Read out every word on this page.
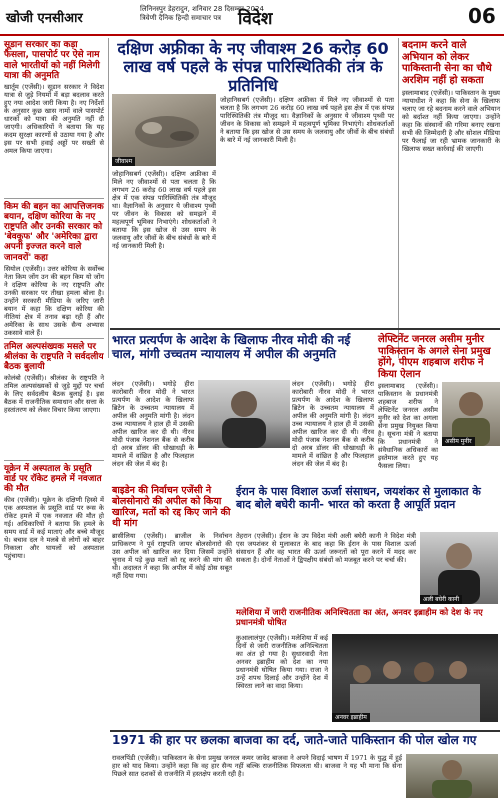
खोजी एनसीआर
लिनिनस्पुर डेहरादुन, शनिवार 28 दिसम्बर 2024
त्रिवेणी दैनिक हिन्दी समाचार पत्र विदेश	06
सूडान सरकार का कड़ा फैसला, पासपोर्ट पर ऐसे नाम वाले भारतीयों को नहीं मिलेगी यात्रा की अनुमति
खार्तूम (एजेंसी)। सूडान सरकार ने विदेश यात्रा से जुड़े नियमों में बड़ा बदलाव करते हुए नया आदेश जारी किया है। नए निर्देशों के अनुसार कुछ खास नामों वाले पासपोर्ट धारकों को यात्रा की अनुमति नहीं दी जाएगी। अधिकारियों ने बताया कि यह कदम सुरक्षा कारणों से उठाया गया है और इस पर सभी हवाई अड्डों पर सख्ती से अमल किया जाएगा।
किम की बहन का आपत्तिजनक बयान, दक्षिण कोरिया के नए राष्ट्रपति और उनकी सरकार को 'बेवकूफ' और 'अमेरिका द्वारा अपनी इज्जत करने वाले जानवरों' कहा
सियोल (एजेंसी)। उत्तर कोरिया के सर्वोच्च नेता किम जोंग उन की बहन किम यो जोंग ने दक्षिण कोरिया के नए राष्ट्रपति और उनकी सरकार पर तीखा हमला बोला है। उन्होंने सरकारी मीडिया के जरिए जारी बयान में कहा कि दक्षिण कोरिया की नीतियां क्षेत्र में तनाव बढ़ा रही हैं और अमेरिका के साथ उसके सैन्य अभ्यास उकसावे वाले हैं।
तमिल अल्पसंख्यक मसले पर श्रीलंका के राष्ट्रपति ने सर्वदलीय बैठक बुलायी
कोलंबो (एजेंसी)। श्रीलंका के राष्ट्रपति ने तमिल अल्पसंख्यकों से जुड़े मुद्दों पर चर्चा के लिए सर्वदलीय बैठक बुलाई है। इस बैठक में राजनीतिक समाधान और सत्ता के हस्तांतरण को लेकर विचार किया जाएगा।
यूक्रेन में अस्पताल के प्रसूति वार्ड पर रॉकेट हमले में नवजात की मौत
कीव (एजेंसी)। यूक्रेन के दक्षिणी हिस्से में एक अस्पताल के प्रसूति वार्ड पर रूस के रॉकेट हमले में एक नवजात की मौत हो गई। अधिकारियों ने बताया कि हमले के समय वार्ड में कई माताएं और बच्चे मौजूद थे। बचाव दल ने मलबे से लोगों को बाहर निकाला और घायलों को अस्पताल पहुंचाया।
दक्षिण अफ्रीका के नए जीवाश्म 26 करोड़ 60 लाख वर्ष पहले के संपन्न पारिस्थितिकी तंत्र के प्रतिनिधि
जीवाश्म
जोहानिसबर्ग (एजेंसी)। दक्षिण अफ्रीका में मिले नए जीवाश्मों से पता चलता है कि लगभग 26 करोड़ 60 लाख वर्ष पहले इस क्षेत्र में एक संपन्न पारिस्थितिकी तंत्र मौजूद था। वैज्ञानिकों के अनुसार ये जीवाश्म पृथ्वी पर जीवन के विकास को समझने में महत्वपूर्ण भूमिका निभाएंगे। शोधकर्ताओं ने बताया कि इस खोज से उस समय के जलवायु और जीवों के बीच संबंधों के बारे में नई जानकारी मिली है।
जोहानिसबर्ग (एजेंसी)। दक्षिण अफ्रीका में मिले नए जीवाश्मों से पता चलता है कि लगभग 26 करोड़ 60 लाख वर्ष पहले इस क्षेत्र में एक संपन्न पारिस्थितिकी तंत्र मौजूद था। वैज्ञानिकों के अनुसार ये जीवाश्म पृथ्वी पर जीवन के विकास को समझने में महत्वपूर्ण भूमिका निभाएंगे। शोधकर्ताओं ने बताया कि इस खोज से उस समय के जलवायु और जीवों के बीच संबंधों के बारे में नई जानकारी मिली है।
बदनाम करने वाले अभियान को लेकर पाकिस्तानी सेना का चौथे अरशिम नहीं हो सकता
इस्लामाबाद (एजेंसी)। पाकिस्तान के मुख्य न्यायाधीश ने कहा कि सेना के खिलाफ चलाए जा रहे बदनाम करने वाले अभियान को बर्दाश्त नहीं किया जाएगा। उन्होंने कहा कि संस्थानों की गरिमा बनाए रखना सभी की जिम्मेदारी है और सोशल मीडिया पर फैलाई जा रही भ्रामक जानकारी के खिलाफ सख्त कार्रवाई की जाएगी।
भारत प्रत्यर्पण के आदेश के खिलाफ नीरव मोदी की नई चाल, मांगी उच्चतम न्यायालय में अपील की अनुमति
लंदन (एजेंसी)। भगोड़े हीरा कारोबारी नीरव मोदी ने भारत प्रत्यर्पण के आदेश के खिलाफ ब्रिटेन के उच्चतम न्यायालय में अपील की अनुमति मांगी है। लंदन उच्च न्यायालय ने हाल ही में उसकी अपील खारिज कर दी थी। नीरव मोदी पंजाब नेशनल बैंक से करीब दो अरब डॉलर की धोखाधड़ी के मामले में वांछित है और फिलहाल लंदन की जेल में बंद है।
लंदन (एजेंसी)। भगोड़े हीरा कारोबारी नीरव मोदी ने भारत प्रत्यर्पण के आदेश के खिलाफ ब्रिटेन के उच्चतम न्यायालय में अपील की अनुमति मांगी है। लंदन उच्च न्यायालय ने हाल ही में उसकी अपील खारिज कर दी थी। नीरव मोदी पंजाब नेशनल बैंक से करीब दो अरब डॉलर की धोखाधड़ी के मामले में वांछित है और फिलहाल लंदन की जेल में बंद है।
लेफ्टिनेंट जनरल असीम मुनीर पाकिस्तान के अगले सेना प्रमुख होंगे, पीएम शहबाज शरीफ ने किया ऐलान
इस्लामाबाद (एजेंसी)। पाकिस्तान के प्रधानमंत्री शहबाज शरीफ ने लेफ्टिनेंट जनरल असीम मुनीर को देश का अगला सेना प्रमुख नियुक्त किया है। सूचना मंत्री ने बताया कि प्रधानमंत्री ने संवैधानिक अधिकारों का इस्तेमाल करते हुए यह फैसला लिया।
असीम मुनीर
बाइडेन की निर्वाचन एजेंसी ने बोलसोनारो की अपील को किया खारिज, मतों को रद्द किए जाने की थी मांग
ब्रासीलिया (एजेंसी)। ब्राजील के निर्वाचन प्राधिकरण ने पूर्व राष्ट्रपति जायर बोलसोनारो की उस अपील को खारिज कर दिया जिसमें उन्होंने चुनाव में पड़े कुछ मतों को रद्द करने की मांग की थी। अदालत ने कहा कि अपील में कोई ठोस सबूत नहीं दिया गया।
ईरान के पास विशाल ऊर्जा संसाधन, जयशंकर से मुलाकात के बाद बोले बघेरी कानी- भारत को करता है आपूर्ति प्रदान
तेहरान (एजेंसी)। ईरान के उप विदेश मंत्री अली बघेरी कानी ने विदेश मंत्री एस जयशंकर से मुलाकात के बाद कहा कि ईरान के पास विशाल ऊर्जा संसाधन हैं और वह भारत की ऊर्जा जरूरतों को पूरा करने में मदद कर सकता है। दोनों नेताओं ने द्विपक्षीय संबंधों को मजबूत करने पर चर्चा की।
अली बघेरी कानी
मलेशिया में जारी राजनीतिक अनिश्चितता का अंत, अनवर इब्राहीम को देश के नए प्रधानमंत्री घोषित
कुआलालंपुर (एजेंसी)। मलेशिया में कई दिनों से जारी राजनीतिक अनिश्चितता का अंत हो गया है। सुधारवादी नेता अनवर इब्राहीम को देश का नया प्रधानमंत्री घोषित किया गया। राजा ने उन्हें शपथ दिलाई और उन्होंने देश में स्थिरता लाने का वादा किया।
अनवर इब्राहीम
1971 की हार पर छलका बाजवा का दर्द, जाते-जाते पाकिस्तान की पोल खोल गए
रावलपिंडी (एजेंसी)। पाकिस्तान के सेना प्रमुख जनरल कमर जावेद बाजवा ने अपने विदाई भाषण में 1971 के युद्ध में हुई हार को याद किया। उन्होंने कहा कि वह हार सैन्य नहीं बल्कि राजनीतिक विफलता थी। बाजवा ने यह भी माना कि सेना पिछले सात दशकों से राजनीति में हस्तक्षेप करती रही है।
